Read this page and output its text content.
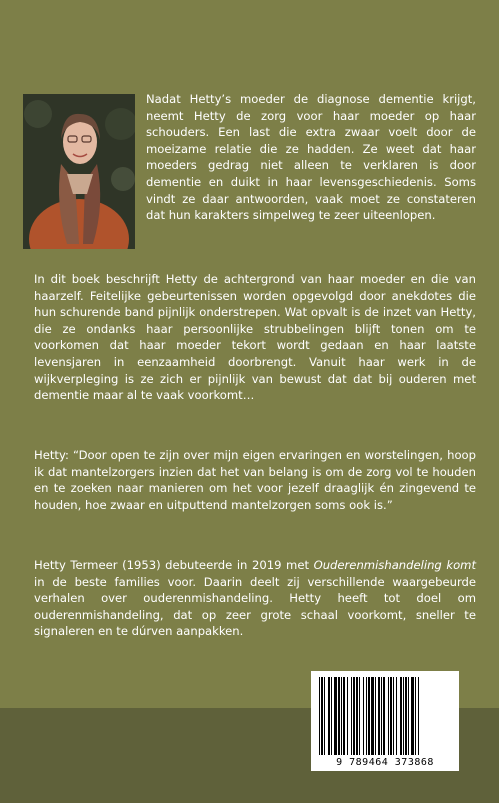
Nadat Hetty’s moeder de diagnose dementie krijgt, neemt Hetty de zorg voor haar moeder op haar schouders. Een last die extra zwaar voelt door de moeizame relatie die ze hadden. Ze weet dat haar moeders gedrag niet alleen te verklaren is door dementie en duikt in haar levensgeschiedenis. Soms vindt ze daar antwoorden, vaak moet ze constateren dat hun karakters simpelweg te zeer uiteenlopen.

In dit boek beschrijft Hetty de achtergrond van haar moeder en die van haarzelf. Feitelijke gebeurtenissen worden opgevolgd door anekdotes die hun schurende band pijnlijk onderstrepen. Wat opvalt is de inzet van Hetty, die ze ondanks haar persoonlijke strubbelingen blijft tonen om te voorkomen dat haar moeder tekort wordt gedaan en haar laatste levensjaren in eenzaamheid doorbrengt. Vanuit haar werk in de wijkverpleging is ze zich er pijnlijk van bewust dat dat bij ouderen met dementie maar al te vaak voorkomt…

Hetty: “Door open te zijn over mijn eigen ervaringen en worstelingen, hoop ik dat mantelzorgers inzien dat het van belang is om de zorg vol te houden en te zoeken naar manieren om het voor jezelf draaglijk én zingevend te houden, hoe zwaar en uitputtend mantelzorgen soms ook is.”

Hetty Termeer (1953) debuteerde in 2019 met Ouderenmishandeling komt in de beste families voor. Daarin deelt zij verschillende waargebeurde verhalen over ouderenmishandeling. Hetty heeft tot doel om ouderenmishandeling, dat op zeer grote schaal voorkomt, sneller te signaleren en te dúrven aanpakken.

9 789464 373868
